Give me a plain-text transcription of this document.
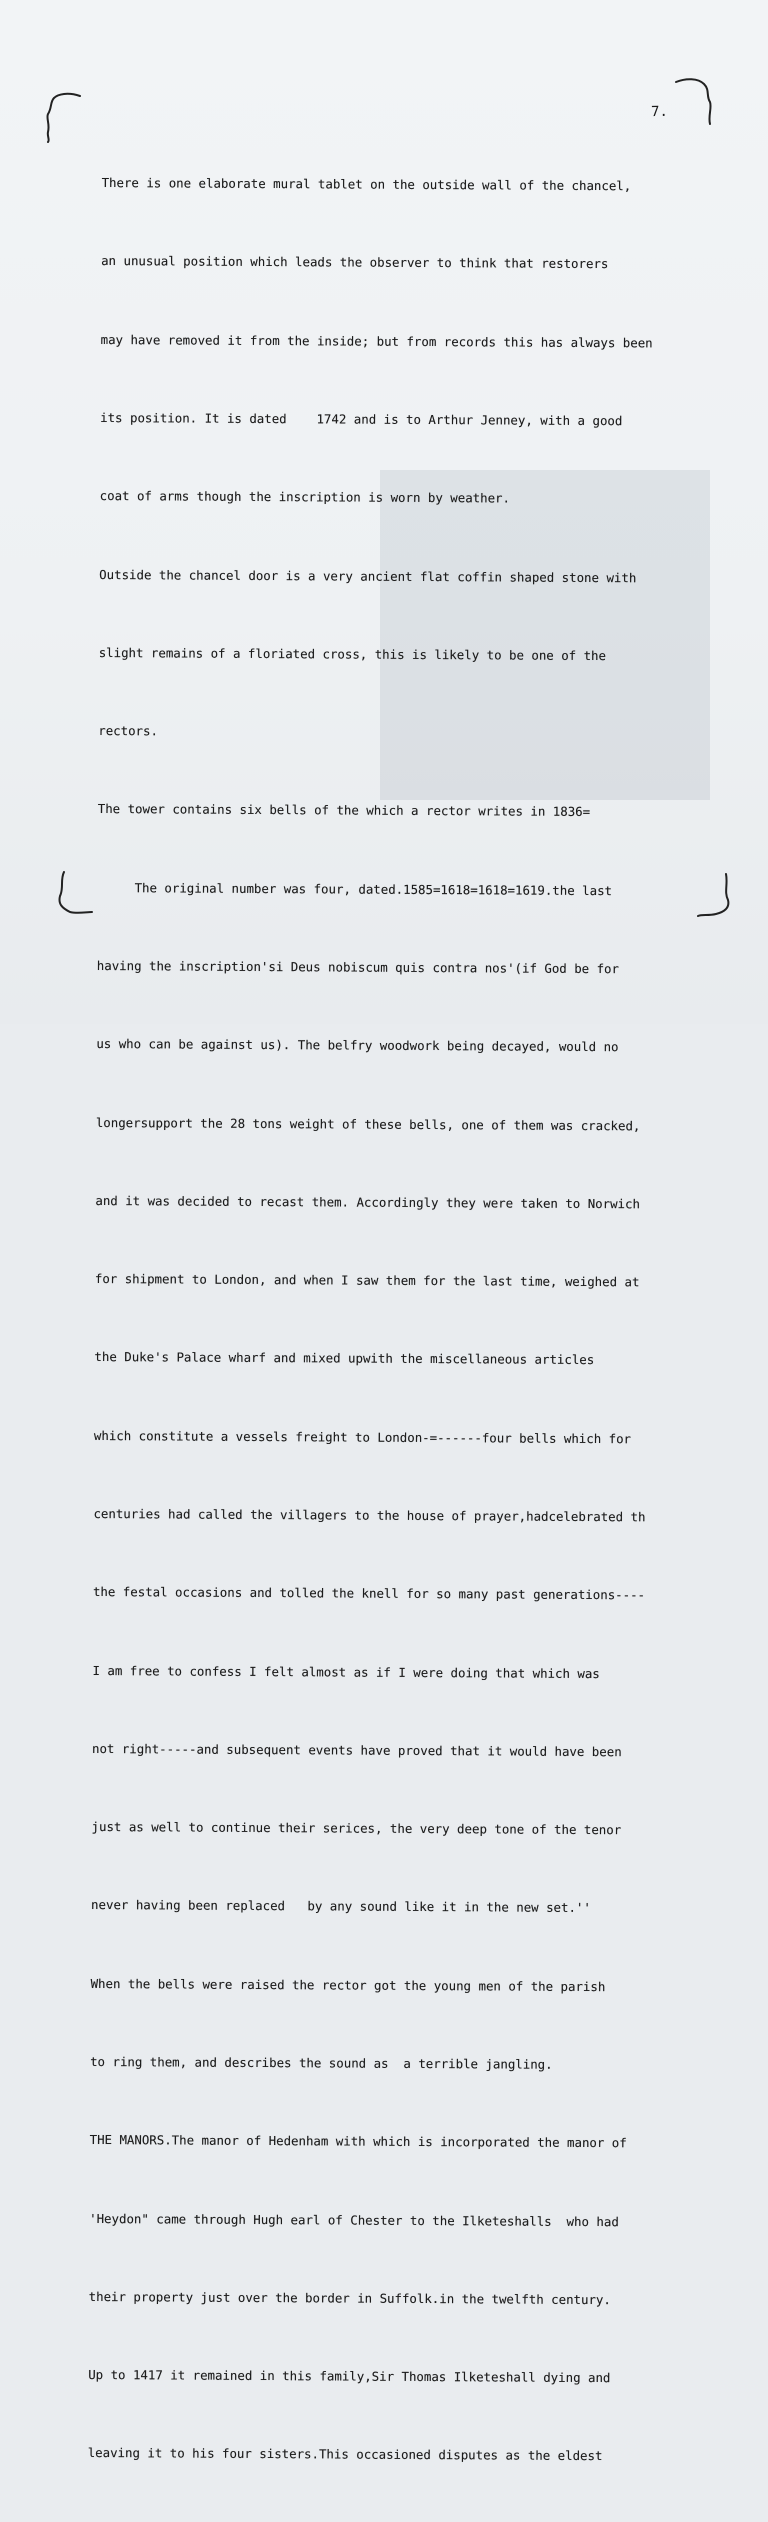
7.

There is one elaborate mural tablet on the outside wall of the chancel,

an unusual position which leads the observer to think that restorers

may have removed it from the inside; but from records this has always been

its position. It is dated    1742 and is to Arthur Jenney, with a good

coat of arms though the inscription is worn by weather.

Outside the chancel door is a very ancient flat coffin shaped stone with

slight remains of a floriated cross, this is likely to be one of the

rectors.

The tower contains six bells of the which a rector writes in 1836=

The original number was four, dated.1585=1618=1618=1619.the last

having the inscription'si Deus nobiscum quis contra nos'(if God be for

us who can be against us). The belfry woodwork being decayed, would no

longersupport the 28 tons weight of these bells, one of them was cracked,

and it was decided to recast them. Accordingly they were taken to Norwich

for shipment to London, and when I saw them for the last time, weighed at

the Duke's Palace wharf and mixed upwith the miscellaneous articles

which constitute a vessels freight to London-=------four bells which for

centuries had called the villagers to the house of prayer,hadcelebrated th

the festal occasions and tolled the knell for so many past generations----

I am free to confess I felt almost as if I were doing that which was

not right-----and subsequent events have proved that it would have been

just as well to continue their serices, the very deep tone of the tenor

never having been replaced   by any sound like it in the new set.''

When the bells were raised the rector got the young men of the parish

to ring them, and describes the sound as  a terrible jangling.

THE MANORS.The manor of Hedenham with which is incorporated the manor of

'Heydon" came through Hugh earl of Chester to the Ilketeshalls  who had

their property just over the border in Suffolk.in the twelfth century.

Up to 1417 it remained in this family,Sir Thomas Ilketeshall dying and

leaving it to his four sisters.This occasioned disputes as the eldest
